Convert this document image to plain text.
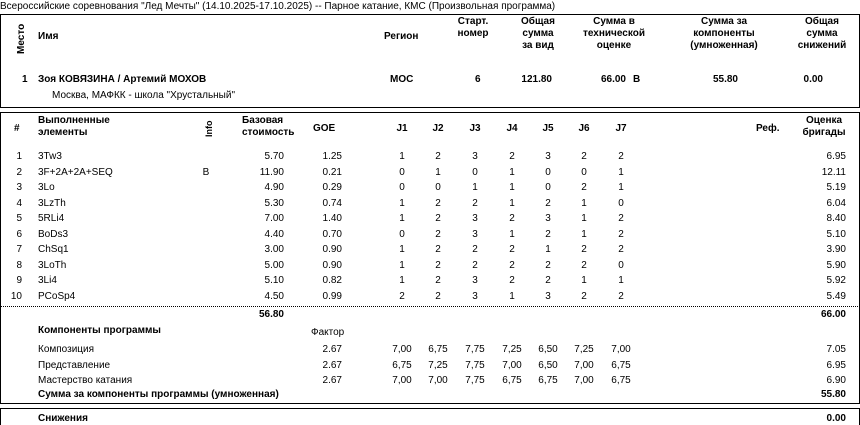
Всероссийские соревнования "Лед Мечты" (14.10.2025-17.10.2025) -- Парное катание, КМС (Произвольная программа)
Место Имя	Регион
Старт.
номер
Общая
сумма
за вид
Сумма в
технической
оценке
Сумма за
компоненты
(умноженная)
Общая
сумма
снижений
1 Зоя КОВЯЗИНА / Артемий МОХОВ
Москва, МАФКК - школа "Хрустальный"
МОС	6	121.80	66.00 B	55.80	0.00
#
Выполненные
элементы	Info	Базовая
стоимость GOE	J1	J2	J3	J4	J5	J6	J7	Реф.
Оценка
бригады
1 3Tw3	5.70	1.25	1	2	3	2	3	2	2	6.95
2 3F+2A+2A+SEQ	B	11.90	0.21	0	1	0	1	0	0	1	12.11
3 3Lo	4.90	0.29	0	0	1	1	0	2	1	5.19
4 3LzTh	5.30	0.74	1	2	2	1	2	1	0	6.04
5 5RLi4	7.00	1.40	1	2	3	2	3	1	2	8.40
6 BoDs3	4.40	0.70	0	2	3	1	2	1	2	5.10
7 ChSq1	3.00	0.90	1	2	2	2	1	2	2	3.90
8 3LoTh	5.00	0.90	1	2	2	2	2	2	0	5.90
9 3Li4	5.10	0.82	1	2	3	2	2	1	1	5.92
10 PCoSp4	4.50	0.99	2	2	3	1	3	2	2	5.49
56.80	66.00
Компоненты программы	Фактор
Композиция	2.67	7,00	6,75	7,75	7,25	6,50	7,25	7,00	7.05
Представление	2.67	6,75	7,25	7,75	7,00	6,50	7,00	6,75	6.95
Мастерство катания	2.67	7,00	7,00	7,75	6,75	6,75	7,00	6,75	6.90
Сумма за компоненты программы (умноженная)	55.80
Снижения	0.00
